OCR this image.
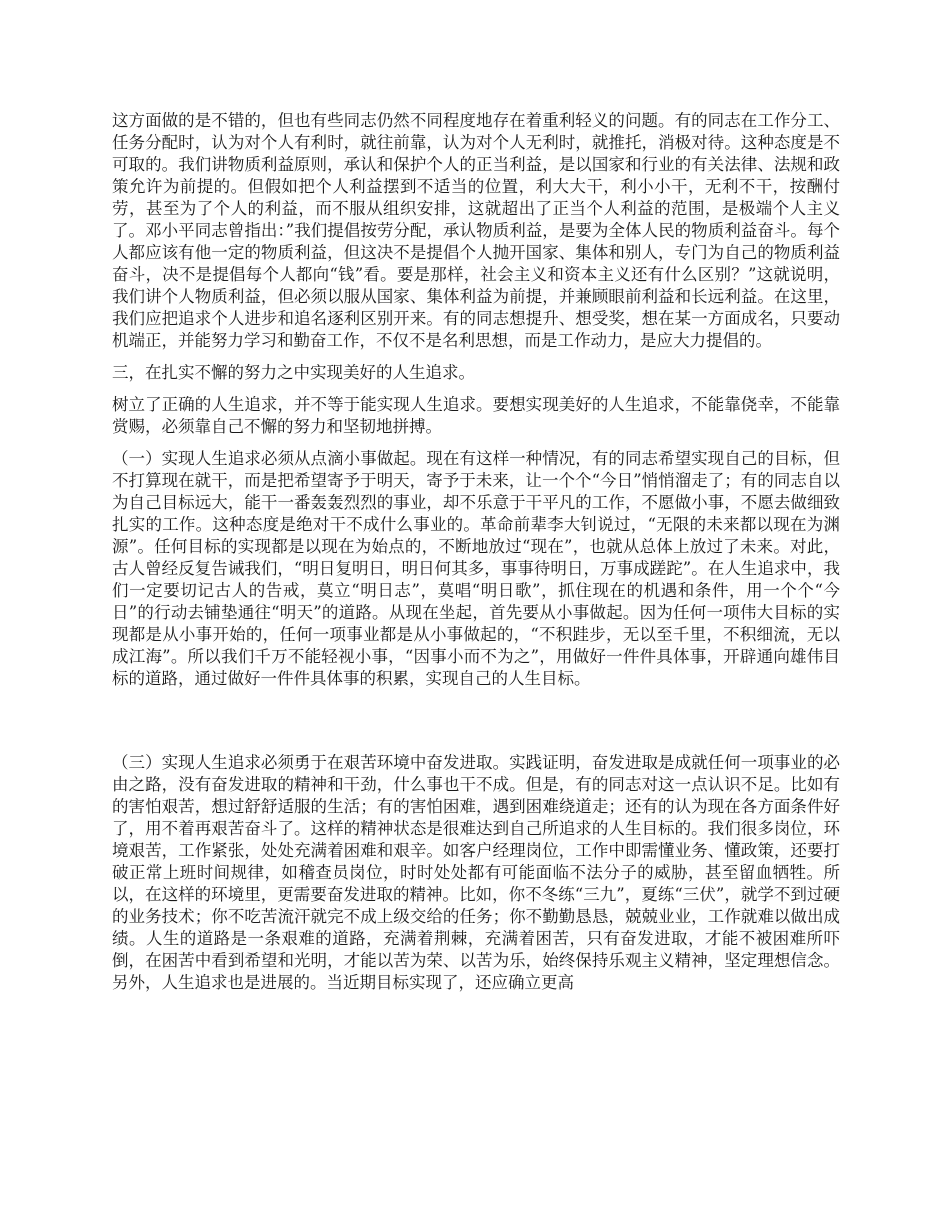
这方面做的是不错的，但也有些同志仍然不同程度地存在着重利轻义的问题。有的同志在工作分工、任务分配时，认为对个人有利时，就往前靠，认为对个人无利时，就推托，消极对待。这种态度是不可取的。我们讲物质利益原则，承认和保护个人的正当利益，是以国家和行业的有关法律、法规和政策允许为前提的。但假如把个人利益摆到不适当的位置，利大大干，利小小干，无利不干，按酬付劳，甚至为了个人的利益，而不服从组织安排，这就超出了正当个人利益的范围，是极端个人主义了。邓小平同志曾指出：”我们提倡按劳分配，承认物质利益，是要为全体人民的物质利益奋斗。每个人都应该有他一定的物质利益，但这决不是提倡个人抛开国家、集体和别人，专门为自己的物质利益奋斗，决不是提倡每个人都向“钱”看。要是那样，社会主义和资本主义还有什么区别？”这就说明，我们讲个人物质利益，但必须以服从国家、集体利益为前提，并兼顾眼前利益和长远利益。在这里，我们应把追求个人进步和追名逐利区别开来。有的同志想提升、想受奖，想在某一方面成名，只要动机端正，并能努力学习和勤奋工作，不仅不是名利思想，而是工作动力，是应大力提倡的。

三，在扎实不懈的努力之中实现美好的人生追求。

树立了正确的人生追求，并不等于能实现人生追求。要想实现美好的人生追求，不能靠侥幸，不能靠赏赐，必须靠自己不懈的努力和坚韧地拼搏。

（一）实现人生追求必须从点滴小事做起。现在有这样一种情况，有的同志希望实现自己的目标，但不打算现在就干，而是把希望寄予于明天，寄予于未来，让一个个“今日”悄悄溜走了；有的同志自以为自己目标远大，能干一番轰轰烈烈的事业，却不乐意于干平凡的工作，不愿做小事，不愿去做细致扎实的工作。这种态度是绝对干不成什么事业的。革命前辈李大钊说过，“无限的未来都以现在为渊源”。任何目标的实现都是以现在为始点的，不断地放过“现在”，也就从总体上放过了未来。对此，古人曾经反复告诫我们，“明日复明日，明日何其多，事事待明日，万事成蹉跎”。在人生追求中，我们一定要切记古人的告戒，莫立“明日志”，莫唱“明日歌”，抓住现在的机遇和条件，用一个个“今日”的行动去铺垫通往“明天”的道路。从现在坐起，首先要从小事做起。因为任何一项伟大目标的实现都是从小事开始的，任何一项事业都是从小事做起的，“不积跬步，无以至千里，不积细流，无以成江海”。所以我们千万不能轻视小事，“因事小而不为之”，用做好一件件具体事，开辟通向雄伟目标的道路，通过做好一件件具体事的积累，实现自己的人生目标。

（三）实现人生追求必须勇于在艰苦环境中奋发进取。实践证明，奋发进取是成就任何一项事业的必由之路，没有奋发进取的精神和干劲，什么事也干不成。但是，有的同志对这一点认识不足。比如有的害怕艰苦，想过舒舒适服的生活；有的害怕困难，遇到困难绕道走；还有的认为现在各方面条件好了，用不着再艰苦奋斗了。这样的精神状态是很难达到自己所追求的人生目标的。我们很多岗位，环境艰苦，工作紧张，处处充满着困难和艰辛。如客户经理岗位，工作中即需懂业务、懂政策，还要打破正常上班时间规律，如稽查员岗位，时时处处都有可能面临不法分子的威胁，甚至留血牺牲。所以，在这样的环境里，更需要奋发进取的精神。比如，你不冬练“三九”，夏练“三伏”，就学不到过硬的业务技术；你不吃苦流汗就完不成上级交给的任务；你不勤勤恳恳，兢兢业业，工作就难以做出成绩。人生的道路是一条艰难的道路，充满着荆棘，充满着困苦，只有奋发进取，才能不被困难所吓倒，在困苦中看到希望和光明，才能以苦为荣、以苦为乐，始终保持乐观主义精神，坚定理想信念。另外，人生追求也是进展的。当近期目标实现了，还应确立更高
